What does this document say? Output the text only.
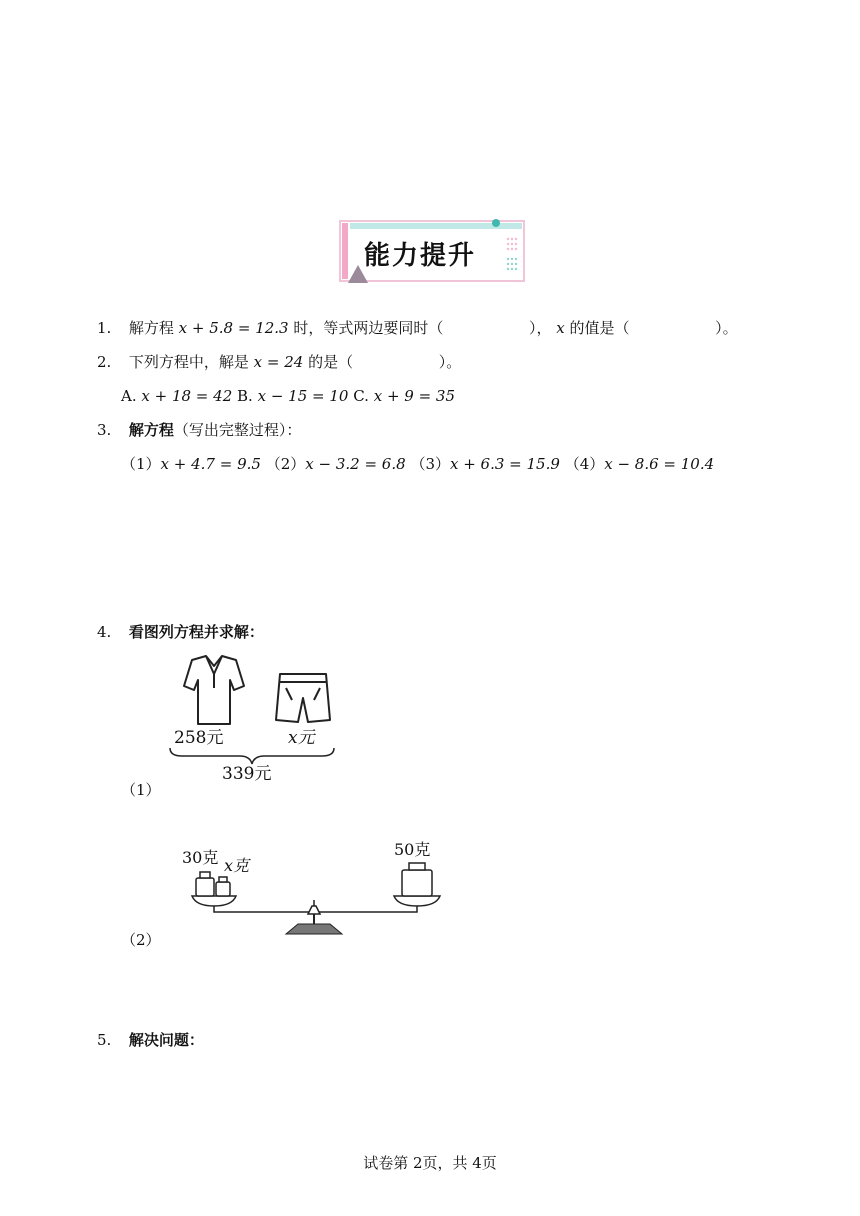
能力提升
1. 解方程 x + 5.8 = 12.3 时，等式两边要同时（	）， x 的值是（	）。
2. 下列方程中，解是 x = 24 的是（	）。
A. x + 18 = 42 B. x − 15 = 10 C. x + 9 = 35
3. 解方程（写出完整过程）：
（1）x + 4.7 = 9.5 （2）x − 3.2 = 6.8 （3）x + 6.3 = 15.9 （4）x − 8.6 = 10.4
4. 看图列方程并求解：
258元	x元
339元
（1）
30克 x克
50克
（2）
5. 解决问题：
试卷第 2页，共 4页
